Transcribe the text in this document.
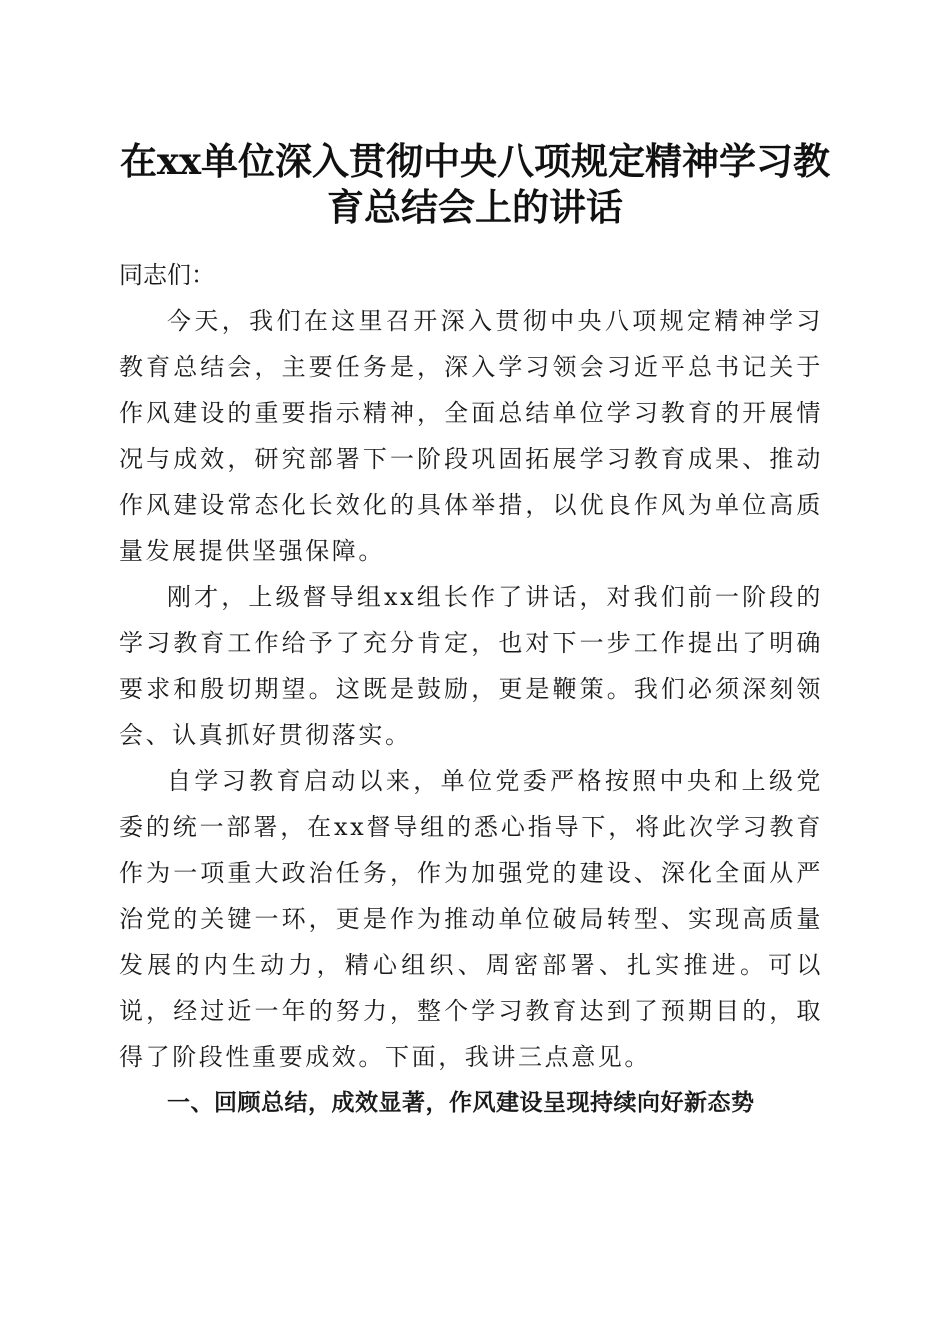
在xx单位深入贯彻中央八项规定精神学习教
育总结会上的讲话

同志们：

今天，我们在这里召开深入贯彻中央八项规定精神学习教育总结会，主要任务是，深入学习领会习近平总书记关于作风建设的重要指示精神，全面总结单位学习教育的开展情况与成效，研究部署下一阶段巩固拓展学习教育成果、推动作风建设常态化长效化的具体举措，以优良作风为单位高质量发展提供坚强保障。

刚才，上级督导组xx组长作了讲话，对我们前一阶段的学习教育工作给予了充分肯定，也对下一步工作提出了明确要求和殷切期望。这既是鼓励，更是鞭策。我们必须深刻领会、认真抓好贯彻落实。

自学习教育启动以来，单位党委严格按照中央和上级党委的统一部署，在xx督导组的悉心指导下，将此次学习教育作为一项重大政治任务，作为加强党的建设、深化全面从严治党的关键一环，更是作为推动单位破局转型、实现高质量发展的内生动力，精心组织、周密部署、扎实推进。可以说，经过近一年的努力，整个学习教育达到了预期目的，取得了阶段性重要成效。下面，我讲三点意见。

一、回顾总结，成效显著，作风建设呈现持续向好新态势
